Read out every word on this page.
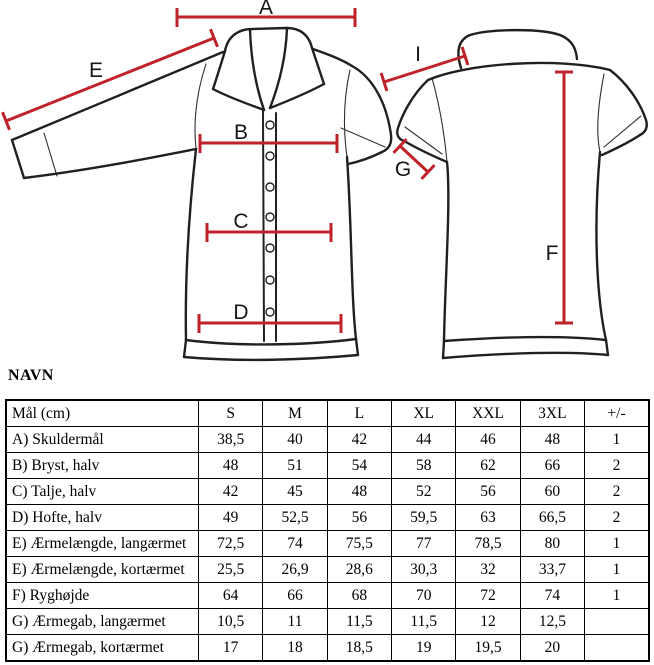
A
B
C
D
E
I
G
F
NAVN
Mål (cm)	S	M	L	XL	XXL	3XL	+/-
A) Skuldermål	38,5	40	42	44	46	48	1
B) Bryst, halv	48	51	54	58	62	66	2
C) Talje, halv	42	45	48	52	56	60	2
D) Hofte, halv	49	52,5	56	59,5	63	66,5	2
E) Ærmelængde, langærmet	72,5	74	75,5	77	78,5	80	1
E) Ærmelængde, kortærmet	25,5	26,9	28,6	30,3	32	33,7	1
F) Ryghøjde	64	66	68	70	72	74	1
G) Ærmegab, langærmet	10,5	11	11,5	11,5	12	12,5	
G) Ærmegab, kortærmet	17	18	18,5	19	19,5	20	
